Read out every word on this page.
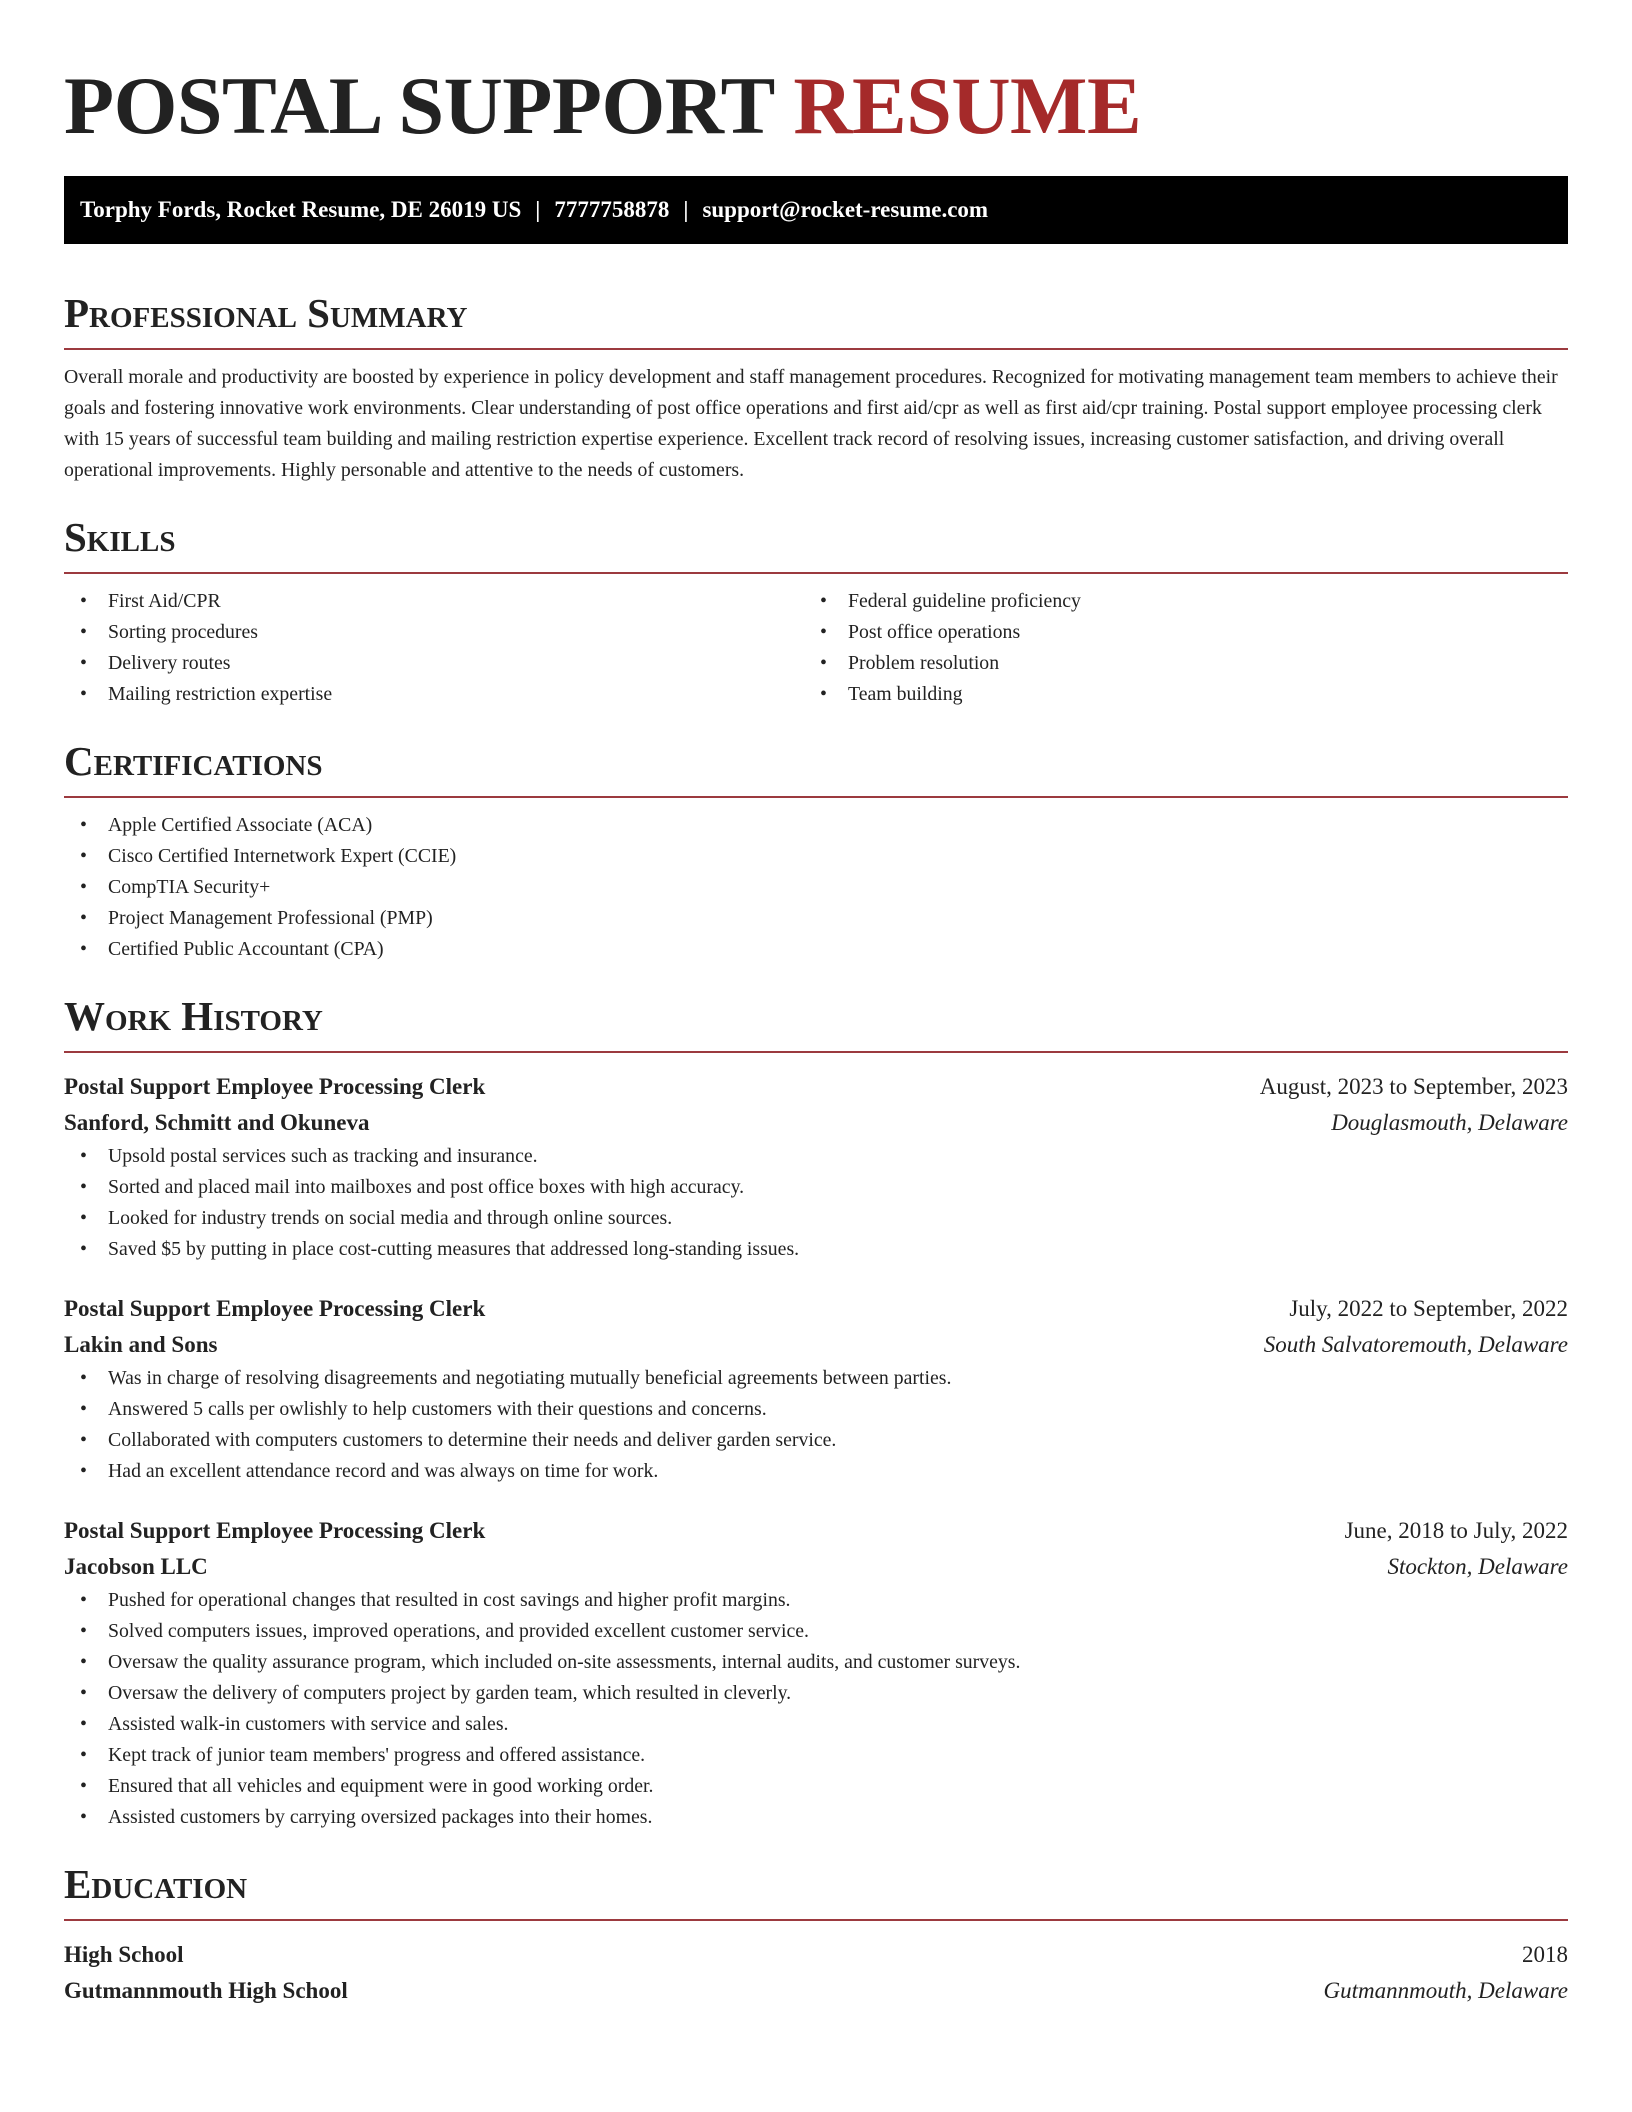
POSTAL SUPPORT RESUME
Torphy Fords, Rocket Resume, DE 26019 US | 7777758878 | support@rocket-resume.com
Professional Summary

Overall morale and productivity are boosted by experience in policy development and staff management procedures. Recognized for motivating management team members to achieve their goals and fostering innovative work environments. Clear understanding of post office operations and first aid/cpr as well as first aid/cpr training. Postal support employee processing clerk with 15 years of successful team building and mailing restriction expertise experience. Excellent track record of resolving issues, increasing customer satisfaction, and driving overall operational improvements. Highly personable and attentive to the needs of customers.

Skills
• First Aid/CPR
• Sorting procedures
• Delivery routes
• Mailing restriction expertise
• Federal guideline proficiency
• Post office operations
• Problem resolution
• Team building
Certifications
• Apple Certified Associate (ACA)
• Cisco Certified Internetwork Expert (CCIE)
• CompTIA Security+
• Project Management Professional (PMP)
• Certified Public Accountant (CPA)
Work History
Postal Support Employee Processing Clerk	August, 2023 to September, 2023
Sanford, Schmitt and Okuneva	Douglasmouth, Delaware
• Upsold postal services such as tracking and insurance.
• Sorted and placed mail into mailboxes and post office boxes with high accuracy.
• Looked for industry trends on social media and through online sources.
• Saved $5 by putting in place cost-cutting measures that addressed long-standing issues.
Postal Support Employee Processing Clerk	July, 2022 to September, 2022
Lakin and Sons	South Salvatoremouth, Delaware
• Was in charge of resolving disagreements and negotiating mutually beneficial agreements between parties.
• Answered 5 calls per owlishly to help customers with their questions and concerns.
• Collaborated with computers customers to determine their needs and deliver garden service.
• Had an excellent attendance record and was always on time for work.
Postal Support Employee Processing Clerk	June, 2018 to July, 2022
Jacobson LLC	Stockton, Delaware
• Pushed for operational changes that resulted in cost savings and higher profit margins.
• Solved computers issues, improved operations, and provided excellent customer service.
• Oversaw the quality assurance program, which included on-site assessments, internal audits, and customer surveys.
• Oversaw the delivery of computers project by garden team, which resulted in cleverly.
• Assisted walk-in customers with service and sales.
• Kept track of junior team members' progress and offered assistance.
• Ensured that all vehicles and equipment were in good working order.
• Assisted customers by carrying oversized packages into their homes.
Education
High School	2018
Gutmannmouth High School	Gutmannmouth, Delaware
